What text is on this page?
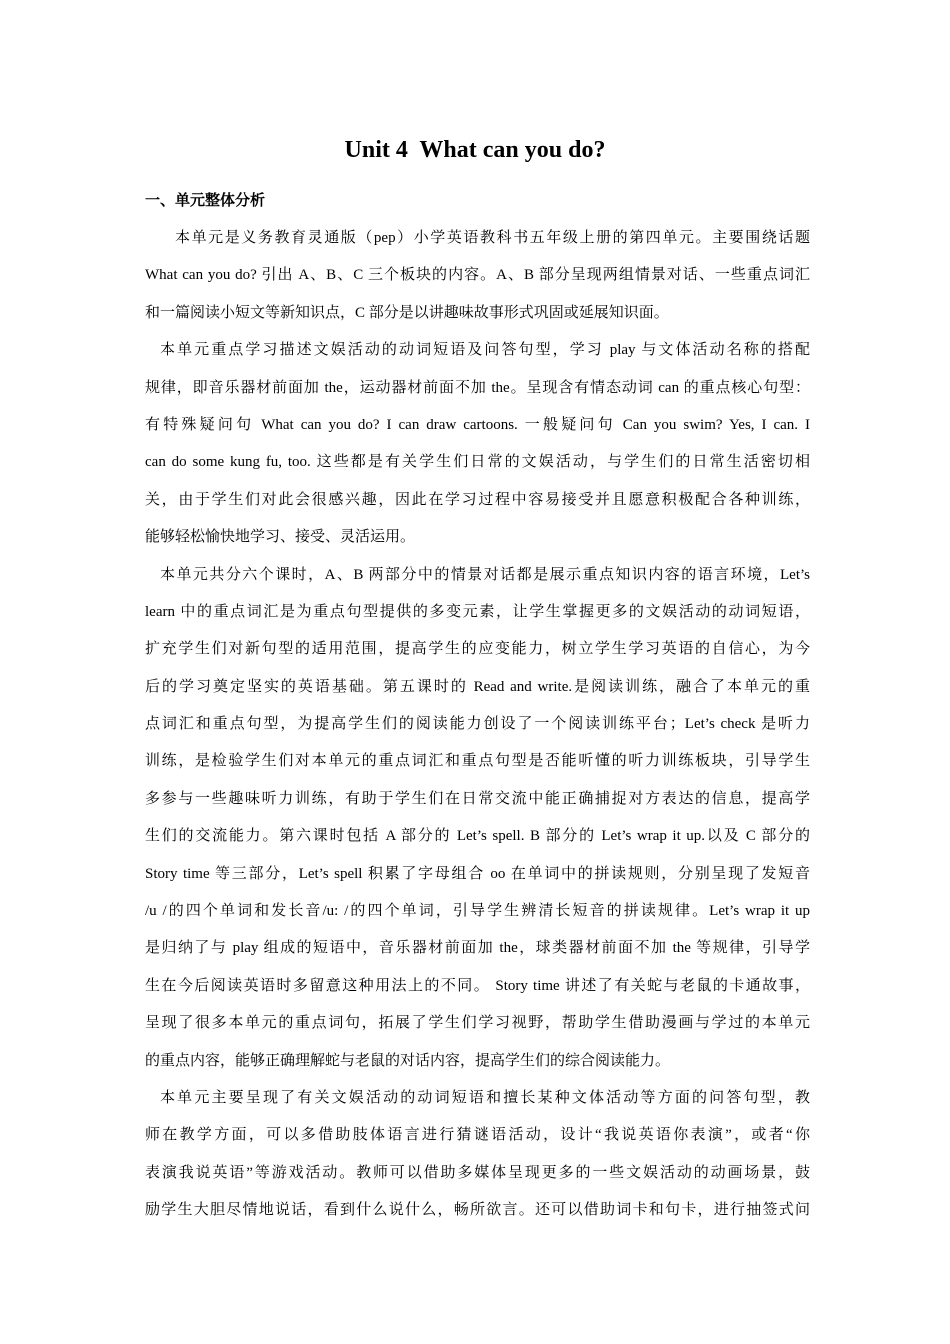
Unit 4  What can you do?
一、单元整体分析

本单元是义务教育灵通版（pep）小学英语教科书五年级上册的第四单元。主要围绕话题
What can you do? 引出 A、B、C 三个板块的内容。A、B 部分呈现两组情景对话、一些重点词汇
和一篇阅读小短文等新知识点，C 部分是以讲趣味故事形式巩固或延展知识面。

本单元重点学习描述文娱活动的动词短语及问答句型，学习 play 与文体活动名称的搭配
规律，即音乐器材前面加 the，运动器材前面不加 the。呈现含有情态动词 can 的重点核心句型：
有特殊疑问句 What can you do? I can draw cartoons. 一般疑问句 Can you swim? Yes, I can. I
can do some kung fu, too. 这些都是有关学生们日常的文娱活动，与学生们的日常生活密切相
关，由于学生们对此会很感兴趣，因此在学习过程中容易接受并且愿意积极配合各种训练，
能够轻松愉快地学习、接受、灵活运用。

本单元共分六个课时，A、B 两部分中的情景对话都是展示重点知识内容的语言环境，Let’s
learn 中的重点词汇是为重点句型提供的多变元素，让学生掌握更多的文娱活动的动词短语，
扩充学生们对新句型的适用范围，提高学生的应变能力，树立学生学习英语的自信心，为今
后的学习奠定坚实的英语基础。第五课时的 Read and write.是阅读训练，融合了本单元的重
点词汇和重点句型，为提高学生们的阅读能力创设了一个阅读训练平台；Let’s check 是听力
训练，是检验学生们对本单元的重点词汇和重点句型是否能听懂的听力训练板块，引导学生
多参与一些趣味听力训练，有助于学生们在日常交流中能正确捕捉对方表达的信息，提高学
生们的交流能力。第六课时包括 A 部分的 Let’s spell. B 部分的 Let’s wrap it up.以及 C 部分的
Story time 等三部分，Let’s spell 积累了字母组合 oo 在单词中的拼读规则，分别呈现了发短音
/u /的四个单词和发长音/u: /的四个单词，引导学生辨清长短音的拼读规律。Let’s wrap it up
是归纳了与 play 组成的短语中，音乐器材前面加 the，球类器材前面不加 the 等规律，引导学
生在今后阅读英语时多留意这种用法上的不同。 Story time 讲述了有关蛇与老鼠的卡通故事，
呈现了很多本单元的重点词句，拓展了学生们学习视野，帮助学生借助漫画与学过的本单元
的重点内容，能够正确理解蛇与老鼠的对话内容，提高学生们的综合阅读能力。

本单元主要呈现了有关文娱活动的动词短语和擅长某种文体活动等方面的问答句型，教
师在教学方面，可以多借助肢体语言进行猜谜语活动，设计“我说英语你表演”，或者“你
表演我说英语”等游戏活动。教师可以借助多媒体呈现更多的一些文娱活动的动画场景，鼓
励学生大胆尽情地说话，看到什么说什么，畅所欲言。还可以借助词卡和句卡，进行抽签式问
